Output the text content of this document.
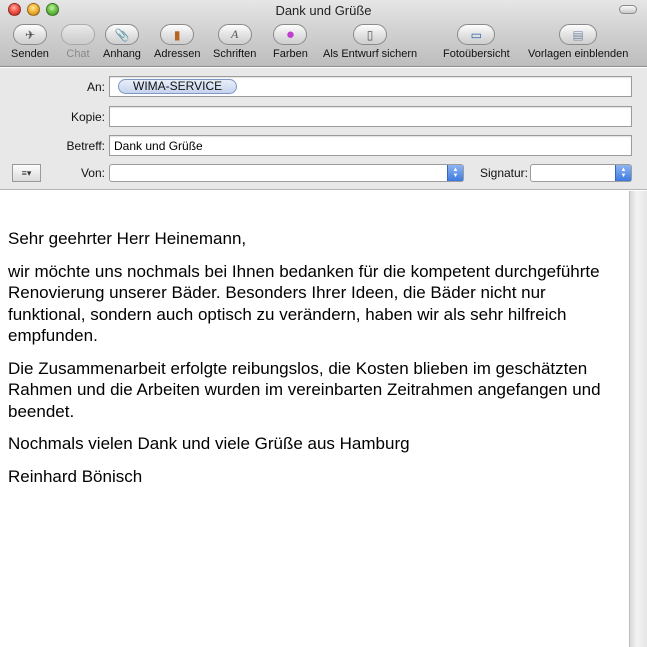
Dank und Grüße
✈
Senden Chat
📎
Anhang
▮
Adressen
A
Schriften
●
Farben
▯
Als Entwurf sichern
▭
Fotoübersicht
▤
Vorlagen einblenden
An:	WIMA-SERVICE
Kopie:
Betreff: Dank und Grüße
≡▾	Von:	▲
▼	Signatur:	▲
▼

Sehr geehrter Herr Heinemann,

wir möchte uns nochmals bei Ihnen bedanken für die kompetent durchgeführte Renovierung unserer Bäder. Besonders Ihrer Ideen, die Bäder nicht nur funktional, sondern auch optisch zu verändern, haben wir als sehr hilfreich empfunden.

Die Zusammenarbeit erfolgte reibungslos, die Kosten blieben im geschätzten Rahmen und die Arbeiten wurden im vereinbarten Zeitrahmen angefangen und beendet.

Nochmals vielen Dank und viele Grüße aus Hamburg

Reinhard Bönisch
